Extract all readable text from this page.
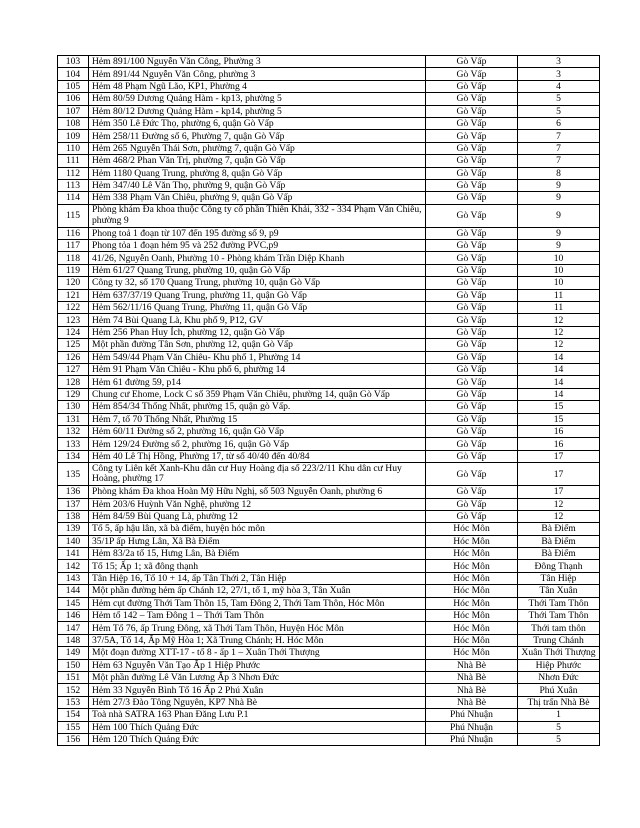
103	Hẻm 891/100 Nguyễn Văn Công, Phường 3	Gò Vấp	3
104	Hẻm 891/44 Nguyễn Văn Công, phường 3	Gò Vấp	3
105	Hẻm 48 Phạm Ngũ Lão, KP1, Phường 4	Gò Vấp	4
106	Hẻm 80/59 Dương Quảng Hàm - kp13, phường 5	Gò Vấp	5
107	Hẻm 80/12 Dương Quảng Hàm - kp14, phường 5	Gò Vấp	5
108	Hẻm 350 Lê Đức Thọ, phường 6, quận Gò Vấp	Gò Vấp	6
109	Hẻm 258/11 Đường số 6, Phường 7, quận Gò Vấp	Gò Vấp	7
110	Hẻm 265 Nguyễn Thái Sơn, phường 7, quận Gò Vấp	Gò Vấp	7
111	Hẻm 468/2 Phan Văn Trị, phường 7, quận Gò Vấp	Gò Vấp	7
112	Hẻm 1180 Quang Trung, phường 8, quận Gò Vấp	Gò Vấp	8
113	Hẻm 347/40 Lê Văn Thọ, phường 9, quận Gò Vấp	Gò Vấp	9
114	Hẻm 338 Phạm Văn Chiêu, phường 9, quận Gò Vấp	Gò Vấp	9
115	Phòng khám Đa khoa thuộc Công ty cổ phần Thiên Khải, 332 - 334 Phạm Văn Chiêu, phường 9	Gò Vấp	9
116	Phong toả 1 đoạn từ 107 đến 195 đường số 9, p9	Gò Vấp	9
117	Phong tỏa 1 đoạn hẻm 95 và 252 đường PVC,p9	Gò Vấp	9
118	41/26, Nguyễn Oanh, Phường 10 - Phòng khám Trần Diệp Khanh	Gò Vấp	10
119	Hẻm 61/27 Quang Trung, phường 10, quận Gò Vấp	Gò Vấp	10
120	Công ty 32, số 170 Quang Trung, phường 10, quận Gò Vấp	Gò Vấp	10
121	Hẻm 637/37/19 Quang Trung, phường 11, quận Gò Vấp	Gò Vấp	11
122	Hẻm 562/11/16 Quang Trung, Phường 11, quận Gò Vấp	Gò Vấp	11
123	Hẻm 74 Bùi Quang Là, Khu phố 9, P12, GV	Gò Vấp	12
124	Hẻm 256 Phan Huy Ích, phường 12, quận Gò Vấp	Gò Vấp	12
125	Một phần đường Tân Sơn, phường 12, quận Gò Vấp	Gò Vấp	12
126	Hẻm 549/44 Phạm Văn Chiêu- Khu phố 1, Phường 14	Gò Vấp	14
127	Hẻm 91 Phạm Văn Chiêu - Khu phố 6, phường 14	Gò Vấp	14
128	Hẻm 61 đường 59, p14	Gò Vấp	14
129	Chung cư Ehome, Lock C số 359 Phạm Văn Chiêu, phường 14, quận Gò Vấp	Gò Vấp	14
130	Hẻm 854/34 Thống Nhất, phường 15, quận gò Vấp.	Gò Vấp	15
131	Hẻm 7, tổ 70 Thống Nhất, Phường 15	Gò Vấp	15
132	Hẻm 60/11 Đường số 2, phường 16, quận Gò Vấp	Gò Vấp	16
133	Hẻm 129/24 Đường số 2, phường 16, quận Gò Vấp	Gò Vấp	16
134	Hẻm 40 Lê Thị Hồng, Phường 17, từ số 40/40 đến 40/84	Gò Vấp	17
135	Công ty Liên kết Xanh-Khu dân cư Huy Hoàng địa số 223/2/11 Khu dân cư Huy Hoàng, phường 17	Gò Vấp	17
136	Phòng khám Đa khoa Hoàn Mỹ Hữu Nghị, số 503 Nguyễn Oanh, phường 6	Gò Vấp	17
137	Hẻm 203/6 Huỳnh Văn Nghệ, phường 12	Gò Vấp	12
138	Hẻm 84/59 Bùi Quang Là, phường 12	Gò Vấp	12
139	Tổ 5, ấp hậu lân, xã bà điểm, huyện hóc môn	Hóc Môn	Bà Điểm
140	35/1P ấp Hưng Lân, Xã Bà Điểm	Hóc Môn	Bà Điểm
141	Hẻm 83/2a tổ 15, Hưng Lân, Bà Điểm	Hóc Môn	Bà Điểm
142	Tổ 15; Ấp 1; xã đông thạnh	Hóc Môn	Đông Thạnh
143	Tân Hiệp 16, Tổ 10 + 14, ấp Tân Thới 2, Tân Hiệp	Hóc Môn	Tân Hiệp
144	Một phần đường hẻm ấp Chánh 12, 27/1, tổ 1, mỹ hòa 3, Tân Xuân	Hóc Môn	Tân Xuân
145	Hẻm cụt đường Thới Tam Thôn 15, Tam Đông 2, Thới Tam Thôn, Hóc Môn	Hóc Môn	Thới Tam Thôn
146	Hẻm tổ 142 – Tam Đông 1 – Thới Tam Thôn	Hóc Môn	Thới Tam Thôn
147	Hẻm Tổ 76, ấp Trung Đông, xã Thới Tam Thôn, Huyện Hóc Môn	Hóc Môn	Thới tam thôn
148	37/5A, Tổ 14, Ấp Mỹ Hòa 1; Xã Trung Chánh; H. Hóc Môn	Hóc Môn	Trung Chánh
149	Một đoạn đường XTT-17 - tổ 8 - ấp 1 – Xuân Thới Thượng	Hóc Môn	Xuân Thới Thượng
150	Hẻm 63 Nguyễn Văn Tạo Ấp 1 Hiệp Phước	Nhà Bè	Hiệp Phước
151	Một phần đường Lê Văn Lương Ấp 3 Nhơn Đức	Nhà Bè	Nhơn Đức
152	Hẻm 33 Nguyễn Bình Tổ 16 Ấp 2 Phú Xuân	Nhà Bè	Phú Xuân
153	Hẻm 27/3 Đào Tông Nguyên, KP7 Nhà Bè	Nhà Bè	Thị trấn Nhà Bè
154	Toà nhà SATRA 163 Phan Đăng Lưu P.1	Phú Nhuận	1
155	Hẻm 100 Thích Quảng Đức	Phú Nhuận	5
156	Hẻm 120 Thích Quảng Đức	Phú Nhuận	5
